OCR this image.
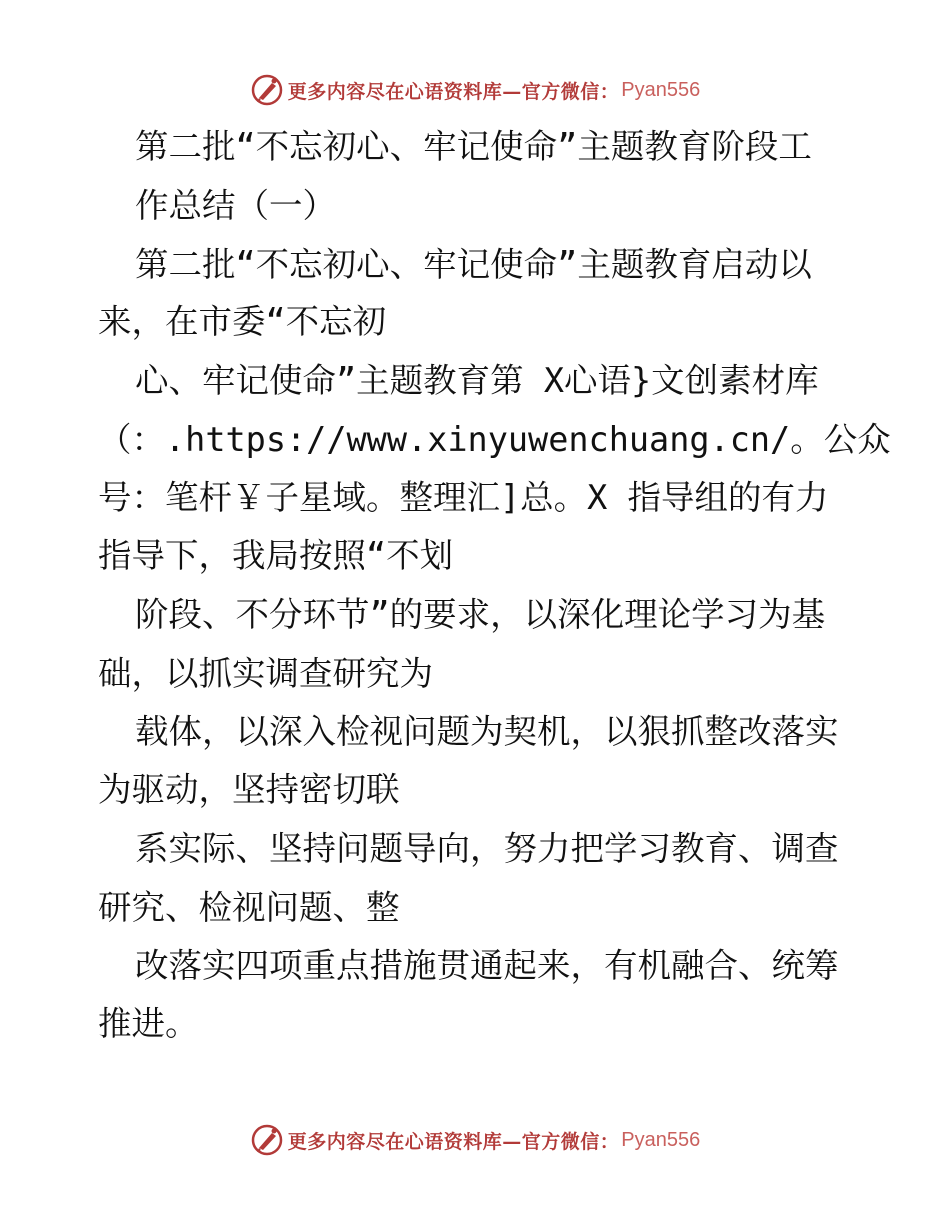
更多内容尽在心语资料库—官方微信： Pyan556

第二批“不忘初心、牢记使命”主题教育阶段工

作总结（一）

第二批“不忘初心、牢记使命”主题教育启动以

来，在市委“不忘初

心、牢记使命”主题教育第 X心语}文创素材库

（：.https://www.xinyuwenchuang.cn/。公众

号：笔杆￥子星域。整理汇]总。X 指导组的有力

指导下，我局按照“不划

阶段、不分环节”的要求，以深化理论学习为基

础，以抓实调查研究为

载体，以深入检视问题为契机，以狠抓整改落实

为驱动，坚持密切联

系实际、坚持问题导向，努力把学习教育、调查

研究、检视问题、整

改落实四项重点措施贯通起来，有机融合、统筹

推进。

更多内容尽在心语资料库—官方微信： Pyan556
